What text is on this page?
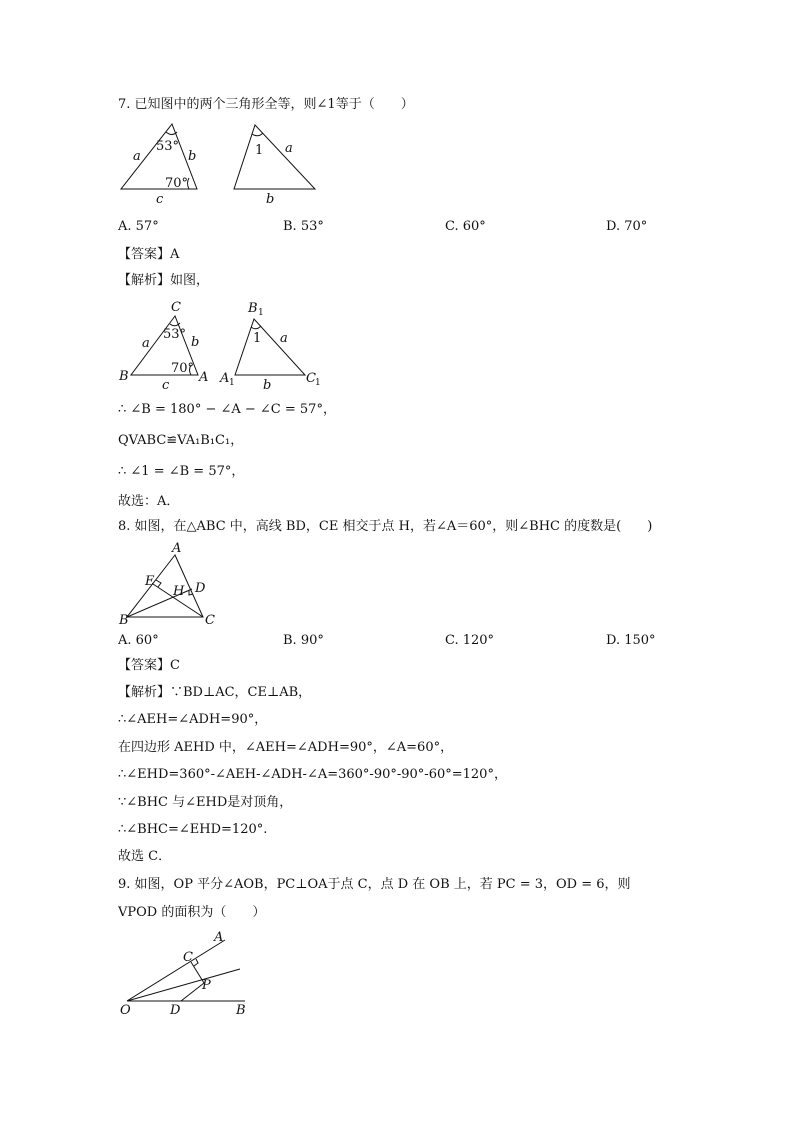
7. 已知图中的两个三角形全等，则∠1等于（　　）
a	b
c
53°
70°
1 a
b
A. 57°	B. 53°	C. 60°	D. 70°
【答案】A
【解析】如图，
C
B	A
a	b
c
53°
70°
B 1
A 1	C 1
1 a
b
∴ ∠B = 180° − ∠A − ∠C = 57°，
QVABC≌VA₁B₁C₁，
∴ ∠1 = ∠B = 57°，
故选：A．
8. 如图，在△ABC 中，高线 BD，CE 相交于点 H，若∠A＝60°，则∠BHC 的度数是(　　)
A
E
H D
B	C
A. 60°	B. 90°	C. 120°	D. 150°
【答案】C
【解析】∵BD⊥AC，CE⊥AB，
∴∠AEH=∠ADH=90°，
在四边形 AEHD 中，∠AEH=∠ADH=90°，∠A=60°，
∴∠EHD=360°-∠AEH-∠ADH-∠A=360°-90°-90°-60°=120°，
∵∠BHC 与∠EHD是对顶角，
∴∠BHC=∠EHD=120°.
故选 C．
9. 如图，OP 平分∠AOB，PC⊥OA于点 C，点 D 在 OB 上，若 PC = 3，OD = 6，则
VPOD 的面积为（　　）
A
C
P
O	D	B
